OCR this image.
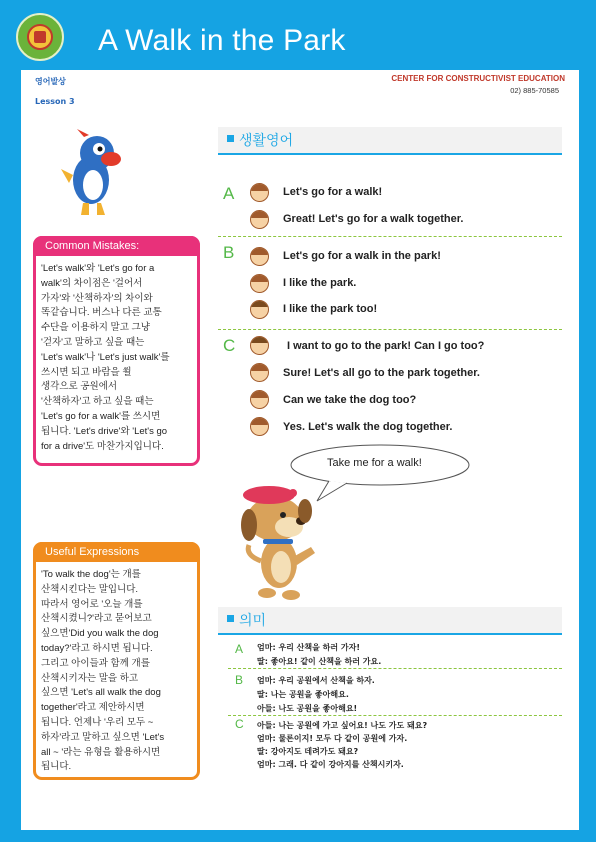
A Walk in the Park
영어발상
Lesson 3
CENTER FOR CONSTRUCTIVIST EDUCATION
02) 885-70585
생활영어
A	Let's go for a walk!
Great! Let's go for a walk together.
B	Let's go for a walk in the park!
I like the park.
I like the park too!
C	I want to go to the park! Can I go too?
Sure! Let's all go to the park together.
Can we take the dog too?
Yes. Let's walk the dog together.
Common Mistakes:
'Let's walk'와 'Let's go for a
walk'의 차이점은 '걸어서
가자'와 '산책하자'의 차이와
똑같습니다. 버스나 다른 교통
수단을 이용하지 말고 그냥
'걷자'고 말하고 싶을 때는
'Let's walk'나 'Let's just walk'를
쓰시면 되고 바람을 쐴
생각으로 공원에서
'산책하자'고 하고 싶을 때는
'Let's go for a walk'를 쓰시면
됩니다. 'Let's drive'와 'Let's go
for a drive'도 마찬가지입니다.
Useful Expressions
'To walk the dog'는 개를
산책시킨다는 말입니다.
따라서 영어로 '오늘 개를
산책시켰니?'라고 묻어보고
싶으면'Did you walk the dog
today?'라고 하시면 됩니다.
그리고 아이들과 함께 개를
산책시키자는 말을 하고
싶으면 'Let's all walk the dog
together'라고 제안하시면
됩니다. 언제나 '우리 모두 ~
하자'라고 말하고 싶으면 'Let's
all ~ '라는 유형을 활용하시면
됩니다.
Take me for a walk!
의미
A 엄마: 우리 산책을 하러 가자!
딸: 좋아요! 같이 산책을 하러 가요.
B 엄마: 우리 공원에서 산책을 하자.
딸: 나는 공원을 좋아해요.
아들: 나도 공원을 좋아해요!
C 아들: 나는 공원에 가고 싶어요! 나도 가도 돼요?
엄마: 물론이지! 모두 다 같이 공원에 가자.
딸: 강아지도 데려가도 돼요?
엄마: 그래. 다 같이 강아지를 산책시키자.
